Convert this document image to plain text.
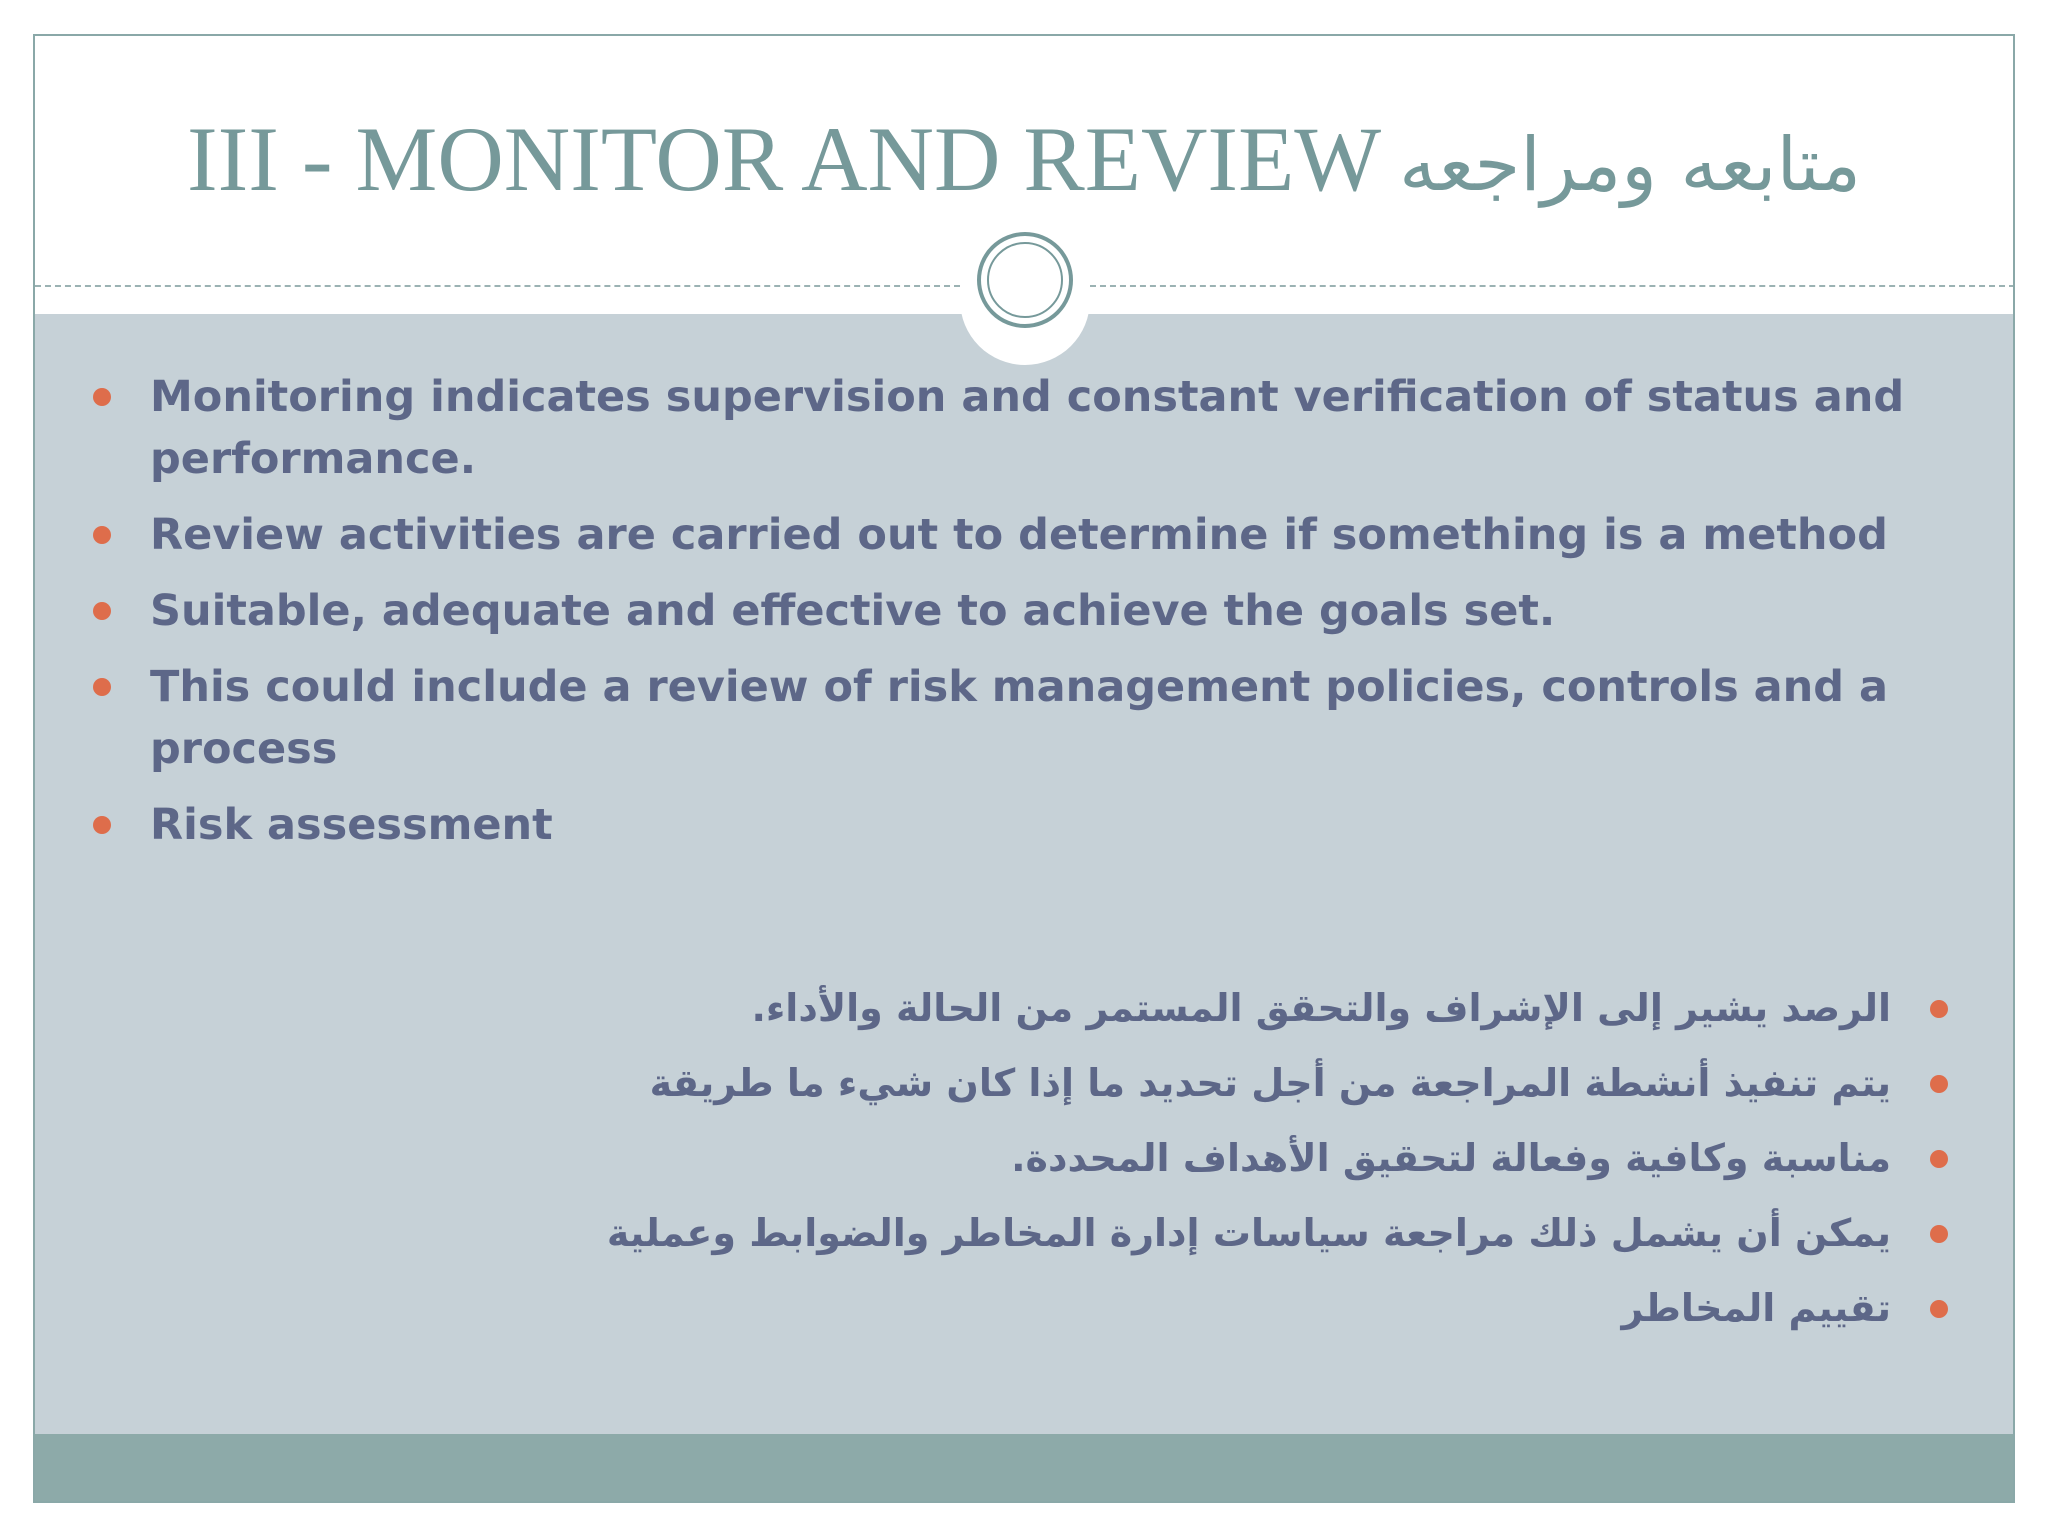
III - MONITOR AND REVIEW متابعه ومراجعه
Monitoring indicates supervision and constant verification of status and performance.
Review activities are carried out to determine if something is a method
Suitable, adequate and effective to achieve the goals set.
This could include a review of risk management policies, controls and a process
Risk assessment
الرصد يشير إلى الإشراف والتحقق المستمر من الحالة والأداء.
يتم تنفيذ أنشطة المراجعة من أجل تحديد ما إذا كان شيء ما طريقة
مناسبة وكافية وفعالة لتحقيق الأهداف المحددة.
يمكن أن يشمل ذلك مراجعة سياسات إدارة المخاطر والضوابط وعملية
تقييم المخاطر
